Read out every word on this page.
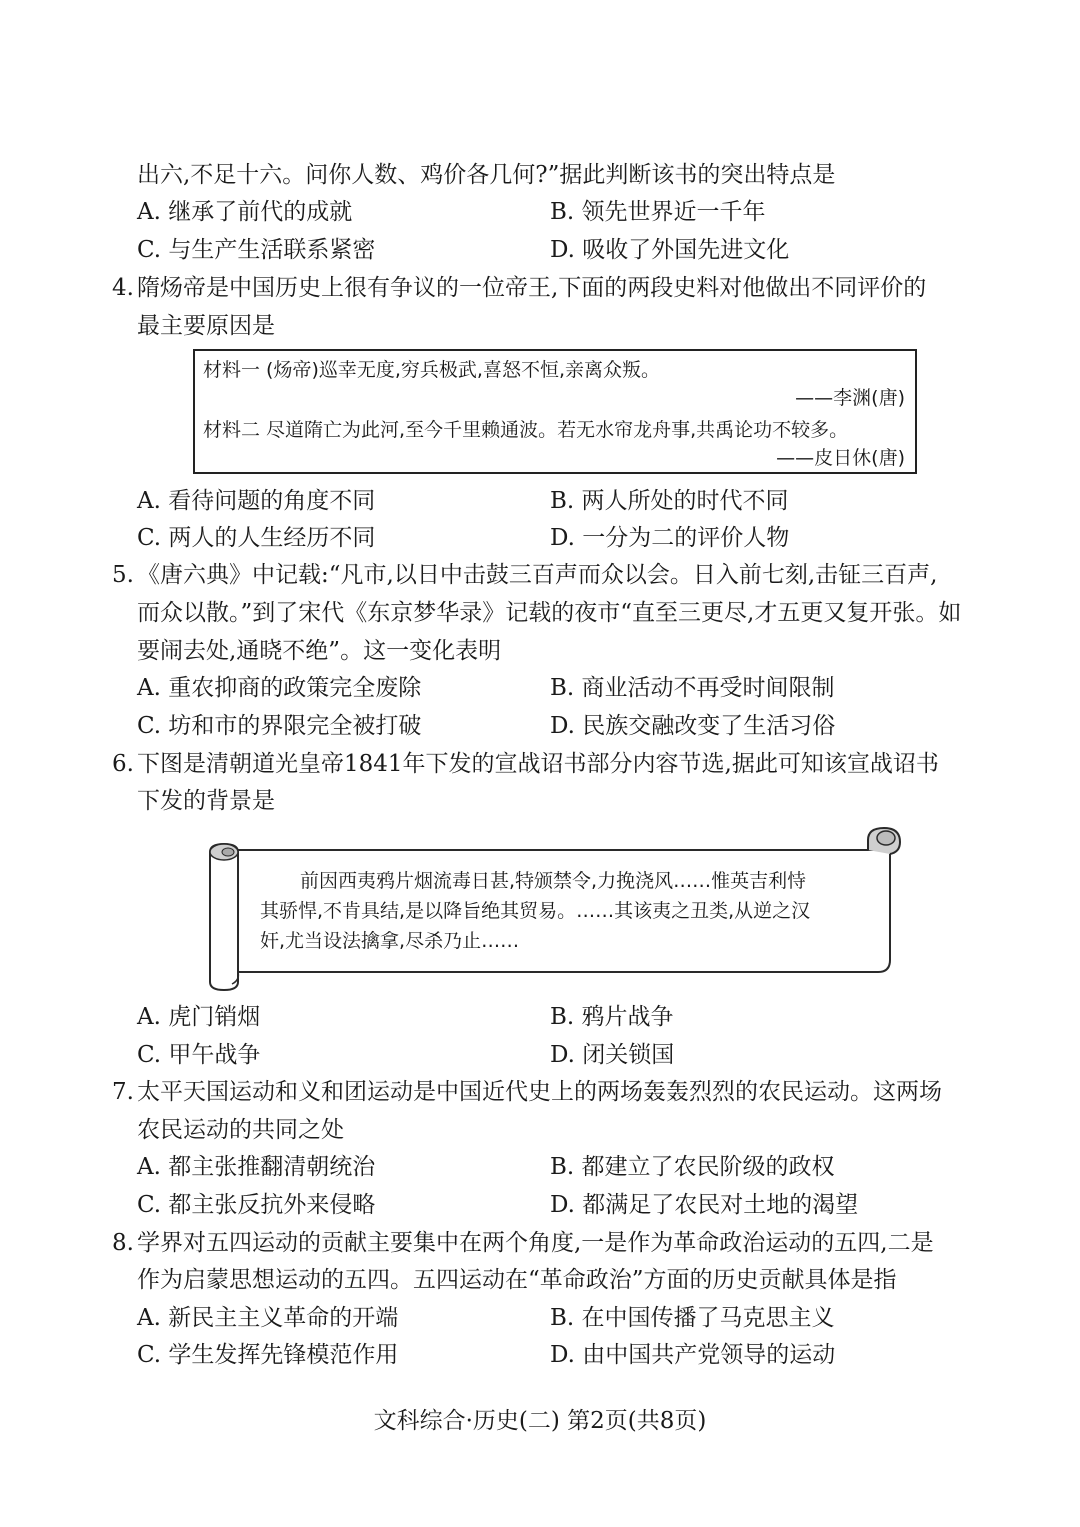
出六,不足十六。问你人数、鸡价各几何?”据此判断该书的突出特点是
A. 继承了前代的成就	B. 领先世界近一千年
C. 与生产生活联系紧密	D. 吸收了外国先进文化
4. 隋炀帝是中国历史上很有争议的一位帝王,下面的两段史料对他做出不同评价的
最主要原因是
材料一 (炀帝)巡幸无度,穷兵极武,喜怒不恒,亲离众叛。
——李渊(唐)
材料二 尽道隋亡为此河,至今千里赖通波。若无水帘龙舟事,共禹论功不较多。
——皮日休(唐)
A. 看待问题的角度不同	B. 两人所处的时代不同
C. 两人的人生经历不同	D. 一分为二的评价人物
5. 《唐六典》中记载:“凡市,以日中击鼓三百声而众以会。日入前七刻,击钲三百声,
而众以散。”到了宋代《东京梦华录》记载的夜市“直至三更尽,才五更又复开张。如
要闹去处,通晓不绝”。这一变化表明
A. 重农抑商的政策完全废除	B. 商业活动不再受时间限制
C. 坊和市的界限完全被打破	D. 民族交融改变了生活习俗
6. 下图是清朝道光皇帝1841年下发的宣战诏书部分内容节选,据此可知该宣战诏书
下发的背景是
前因西夷鸦片烟流毒日甚,特颁禁令,力挽浇风……惟英吉利恃
其骄悍,不肯具结,是以降旨绝其贸易。……其该夷之丑类,从逆之汉
奸,尤当设法擒拿,尽杀乃止……
A. 虎门销烟	B. 鸦片战争
C. 甲午战争	D. 闭关锁国
7. 太平天国运动和义和团运动是中国近代史上的两场轰轰烈烈的农民运动。这两场
农民运动的共同之处
A. 都主张推翻清朝统治	B. 都建立了农民阶级的政权
C. 都主张反抗外来侵略	D. 都满足了农民对土地的渴望
8. 学界对五四运动的贡献主要集中在两个角度,一是作为革命政治运动的五四,二是
作为启蒙思想运动的五四。五四运动在“革命政治”方面的历史贡献具体是指
A. 新民主主义革命的开端	B. 在中国传播了马克思主义
C. 学生发挥先锋模范作用	D. 由中国共产党领导的运动
文科综合·历史(二) 第2页(共8页)
